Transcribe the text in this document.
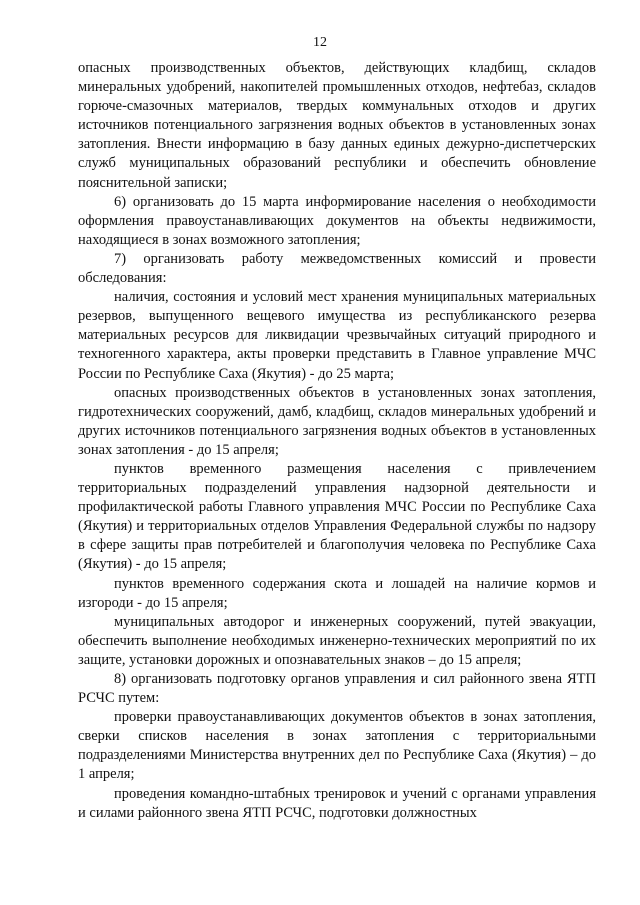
12

опасных производственных объектов, действующих кладбищ, складов минеральных удобрений, накопителей промышленных отходов, нефтебаз, складов горюче-смазочных материалов, твердых коммунальных отходов и других источников потенциального загрязнения водных объектов в установленных зонах затопления. Внести информацию в базу данных единых дежурно-диспетчерских служб муниципальных образований республики и обеспечить обновление пояснительной записки;

6) организовать до 15 марта информирование населения о необходимости оформления правоустанавливающих документов на объекты недвижимости, находящиеся в зонах возможного затопления;

7) организовать работу межведомственных комиссий и провести обследования:

наличия, состояния и условий мест хранения муниципальных материальных резервов, выпущенного вещевого имущества из республиканского резерва материальных ресурсов для ликвидации чрезвычайных ситуаций природного и техногенного характера, акты проверки представить в Главное управление МЧС России по Республике Саха (Якутия) - до 25 марта;

опасных производственных объектов в установленных зонах затопления, гидротехнических сооружений, дамб, кладбищ, складов минеральных удобрений и других источников потенциального загрязнения водных объектов в установленных зонах затопления - до 15 апреля;

пунктов временного размещения населения с привлечением территориальных подразделений управления надзорной деятельности и профилактической работы Главного управления МЧС России по Республике Саха (Якутия) и территориальных отделов Управления Федеральной службы по надзору в сфере защиты прав потребителей и благополучия человека по Республике Саха (Якутия) - до 15 апреля;

пунктов временного содержания скота и лошадей на наличие кормов и изгороди - до 15 апреля;

муниципальных автодорог и инженерных сооружений, путей эвакуации, обеспечить выполнение необходимых инженерно-технических мероприятий по их защите, установки дорожных и опознавательных знаков – до 15 апреля;

8) организовать подготовку органов управления и сил районного звена ЯТП РСЧС путем:

проверки правоустанавливающих документов объектов в зонах затопления, сверки списков населения в зонах затопления с территориальными подразделениями Министерства внутренних дел по Республике Саха (Якутия) – до 1 апреля;

проведения командно-штабных тренировок и учений с органами управления и силами районного звена ЯТП РСЧС, подготовки должностных
